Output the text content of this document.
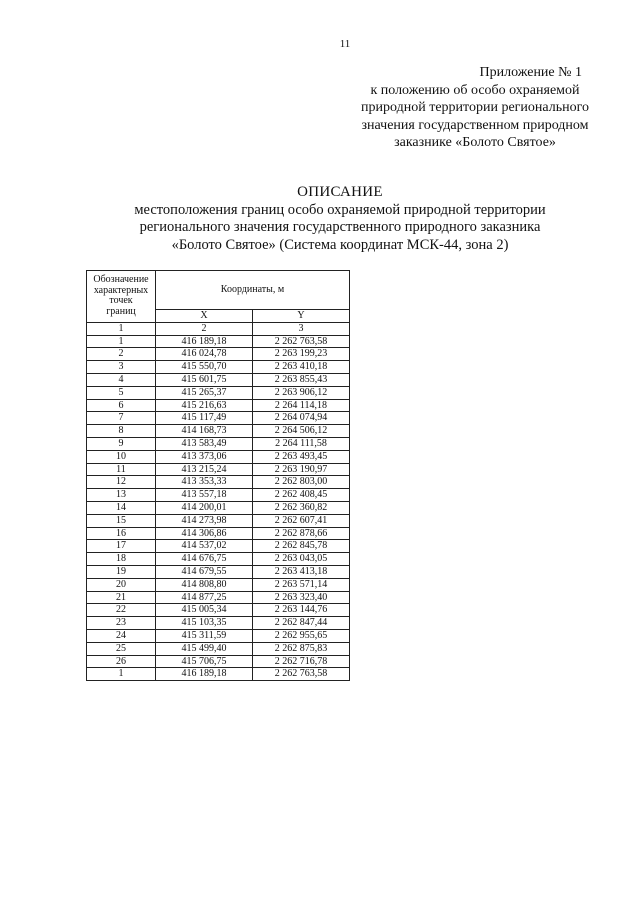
11
Приложение № 1
к положению об особо охраняемой
природной территории регионального
значения государственном природном
заказнике «Болото Святое»
ОПИСАНИЕ
местоположения границ особо охраняемой природной территории
регионального значения государственного природного заказника
«Болото Святое» (Система координат МСК-44, зона 2)
Обозначение
характерных
точек
границ	Координаты, м	
	X	Y
1	2	3
1	416 189,18	2 262 763,58
2	416 024,78	2 263 199,23
3	415 550,70	2 263 410,18
4	415 601,75	2 263 855,43
5	415 265,37	2 263 906,12
6	415 216,63	2 264 114,18
7	415 117,49	2 264 074,94
8	414 168,73	2 264 506,12
9	413 583,49	2 264 111,58
10	413 373,06	2 263 493,45
11	413 215,24	2 263 190,97
12	413 353,33	2 262 803,00
13	413 557,18	2 262 408,45
14	414 200,01	2 262 360,82
15	414 273,98	2 262 607,41
16	414 306,86	2 262 878,66
17	414 537,02	2 262 845,78
18	414 676,75	2 263 043,05
19	414 679,55	2 263 413,18
20	414 808,80	2 263 571,14
21	414 877,25	2 263 323,40
22	415 005,34	2 263 144,76
23	415 103,35	2 262 847,44
24	415 311,59	2 262 955,65
25	415 499,40	2 262 875,83
26	415 706,75	2 262 716,78
1	416 189,18	2 262 763,58
